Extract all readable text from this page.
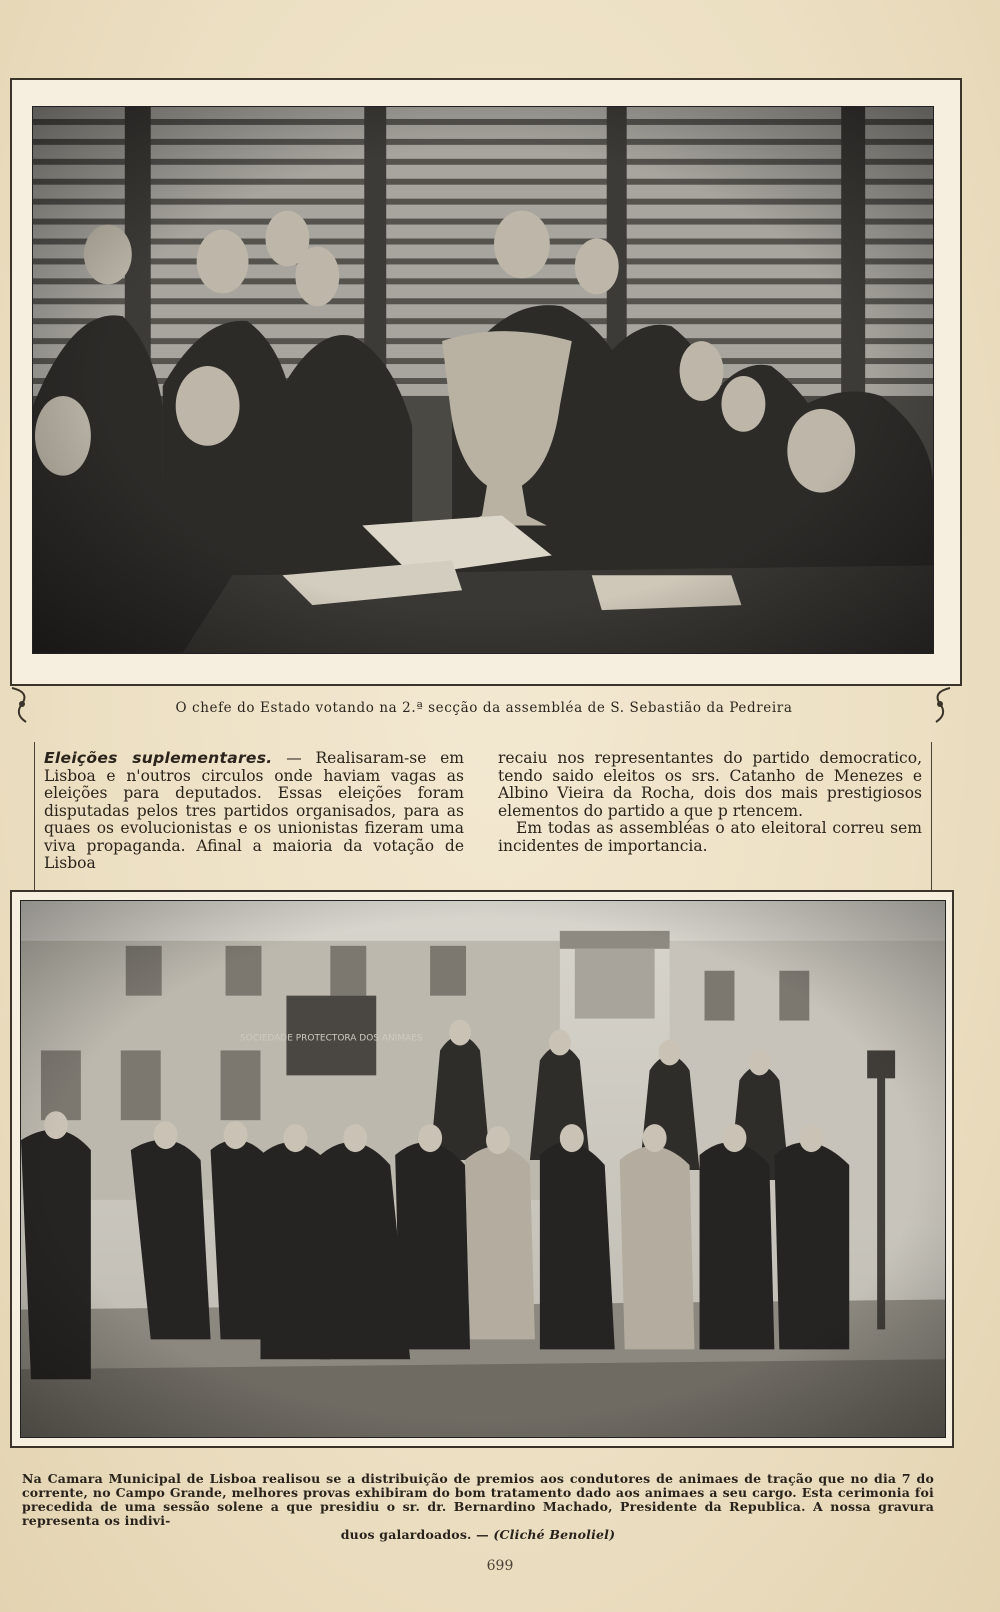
O chefe do Estado votando na 2.ª secção da assembléa de S. Sebastião da Pedreira
Eleições suplementares. — Realisaram-se em Lisboa e n'outros circulos onde haviam vagas as eleições para deputados. Essas eleições foram disputadas pelos tres partidos organisados, para as quaes os evolucionistas e os unionistas fizeram uma viva propaganda. Afinal a maioria da votação de Lisboa
recaiu nos representantes do partido democratico, tendo saido eleitos os srs. Catanho de Menezes e Albino Vieira da Rocha, dois dos mais prestigiosos elementos do partido a que p rtencem.
Em todas as assembléas o ato eleitoral correu sem incidentes de importancia.
Na Camara Municipal de Lisboa realisou se a distribuição de premios aos condutores de animaes de tração que no dia 7 do corrente, no Campo Grande, melhores provas exhibiram do bom tratamento dado aos animaes a seu cargo. Esta cerimonia foi precedida de uma sessão solene a que presidiu o sr. dr. Bernardino Machado, Presidente da Republica. A nossa gravura representa os indivi-
duos galardoados. — (Cliché Benoliel)
699
